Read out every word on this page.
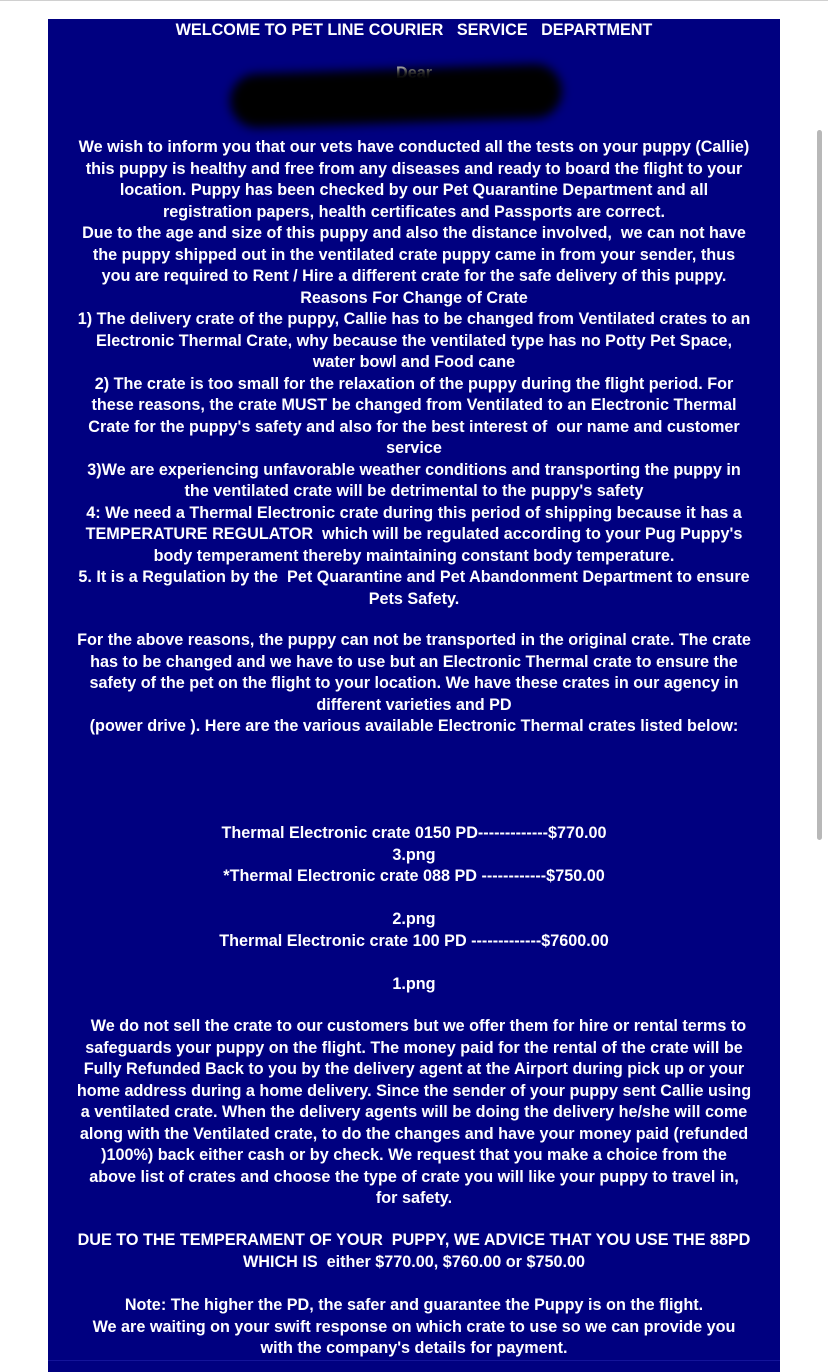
WELCOME TO PET LINE COURIER   SERVICE   DEPARTMENT
We wish to inform you that our vets have conducted all the tests on your puppy (Callie)
this puppy is healthy and free from any diseases and ready to board the flight to your
location. Puppy has been checked by our Pet Quarantine Department and all
registration papers, health certificates and Passports are correct.
Due to the age and size of this puppy and also the distance involved,  we can not have
the puppy shipped out in the ventilated crate puppy came in from your sender, thus
you are required to Rent / Hire a different crate for the safe delivery of this puppy.
Reasons For Change of Crate
1) The delivery crate of the puppy, Callie has to be changed from Ventilated crates to an
Electronic Thermal Crate, why because the ventilated type has no Potty Pet Space,
water bowl and Food cane
2) The crate is too small for the relaxation of the puppy during the flight period. For
these reasons, the crate MUST be changed from Ventilated to an Electronic Thermal
Crate for the puppy's safety and also for the best interest of  our name and customer
service
3)We are experiencing unfavorable weather conditions and transporting the puppy in
the ventilated crate will be detrimental to the puppy's safety
4: We need a Thermal Electronic crate during this period of shipping because it has a
TEMPERATURE REGULATOR  which will be regulated according to your Pug Puppy's
body temperament thereby maintaining constant body temperature.
5. It is a Regulation by the  Pet Quarantine and Pet Abandonment Department to ensure
Pets Safety.
For the above reasons, the puppy can not be transported in the original crate. The crate
has to be changed and we have to use but an Electronic Thermal crate to ensure the
safety of the pet on the flight to your location. We have these crates in our agency in
different varieties and PD
(power drive ). Here are the various available Electronic Thermal crates listed below:
Thermal Electronic crate 0150 PD-------------$770.00
3.png
*Thermal Electronic crate 088 PD ------------$750.00

2.png
Thermal Electronic crate 100 PD -------------$7600.00

1.png
We do not sell the crate to our customers but we offer them for hire or rental terms to
safeguards your puppy on the flight. The money paid for the rental of the crate will be
Fully Refunded Back to you by the delivery agent at the Airport during pick up or your
home address during a home delivery. Since the sender of your puppy sent Callie using
a ventilated crate. When the delivery agents will be doing the delivery he/she will come
along with the Ventilated crate, to do the changes and have your money paid (refunded
)100%) back either cash or by check. We request that you make a choice from the
above list of crates and choose the type of crate you will like your puppy to travel in,
for safety.
DUE TO THE TEMPERAMENT OF YOUR  PUPPY, WE ADVICE THAT YOU USE THE 88PD
WHICH IS  either $770.00, $760.00 or $750.00
Note: The higher the PD, the safer and guarantee the Puppy is on the flight.
We are waiting on your swift response on which crate to use so we can provide you
with the company's details for payment.
